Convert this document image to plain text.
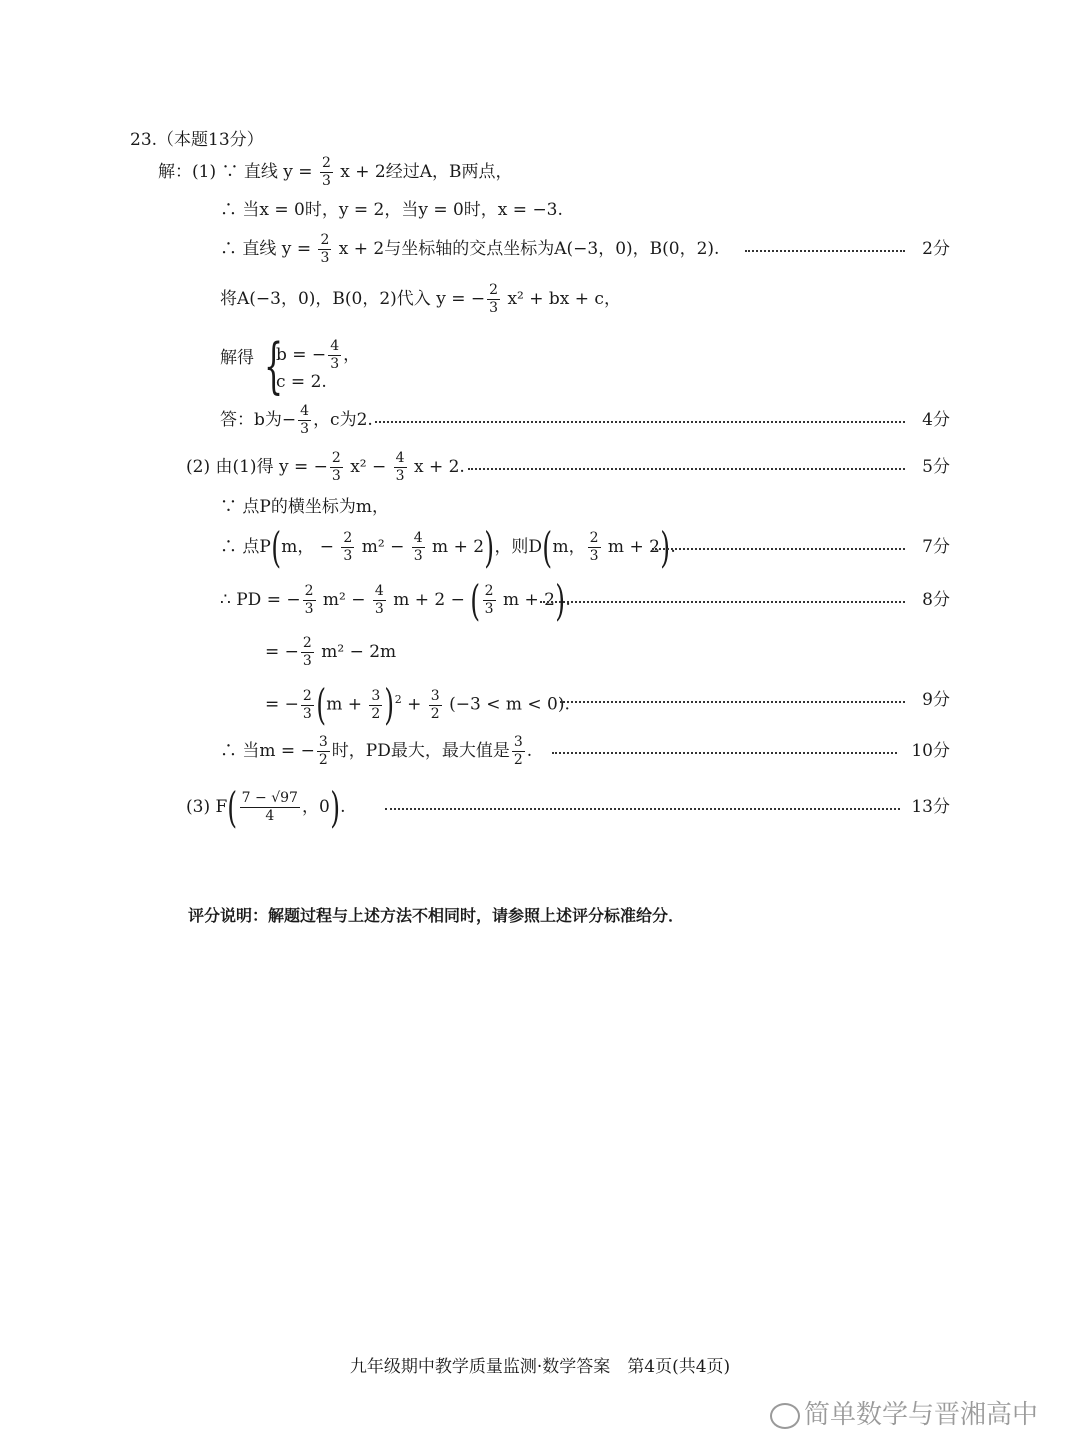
23.（本题13分）
解：(1) ∵ 直线 $y = \frac{2}{3}$ x + 2经过A，B两点，
∴ 当x = 0时，y = 2，当y = 0时，x = −3.
∴ 直线 $y = \frac{2}{3}$ x + 2与坐标轴的交点坐标为A(−3，0)，B(0，2).	2分
将A(−3，0)，B(0，2)代入 y = − $\frac{2}{3} x^2$ + bx + c，
解得 {
b = − $\frac{4}{3}$ ，
c = 2.
答：b为− $\frac{4}{3}$ ，c为2.	4分
(2) 由(1)得 y = − $\frac{2}{3} x^2 - \frac{4}{3}$ x + 2.	5分
∵ 点P的横坐标为m，
∴ 点P(m， − $\frac{2}{3} m^2 - \frac{4}{3}$ m + 2)，则D(m， $\frac{2}{3}$ m + 2).	7分
∴ PD = − $\frac{2}{3} m^2 - \frac{4}{3}$ m + 2 − ( $\frac{2}{3}$ m + 2).	8分
= − $\frac{2}{3} m^2 - 2m$
= − $\frac{2}{3} (m + \frac{3}{2} )^2 + \frac{3}{2} (-3 < m < 0)$.	9分
∴ 当m = − $\frac{3}{2}$ 时，PD最大，最大值是 $\frac{3}{2}$ .	10分
(3) $F( \frac{7 - √97}{4}$ ，0).	13分
评分说明：解题过程与上述方法不相同时，请参照上述评分标准给分．
九年级期中教学质量监测·数学答案　第4页(共4页)
简单数学与晋湘高中
